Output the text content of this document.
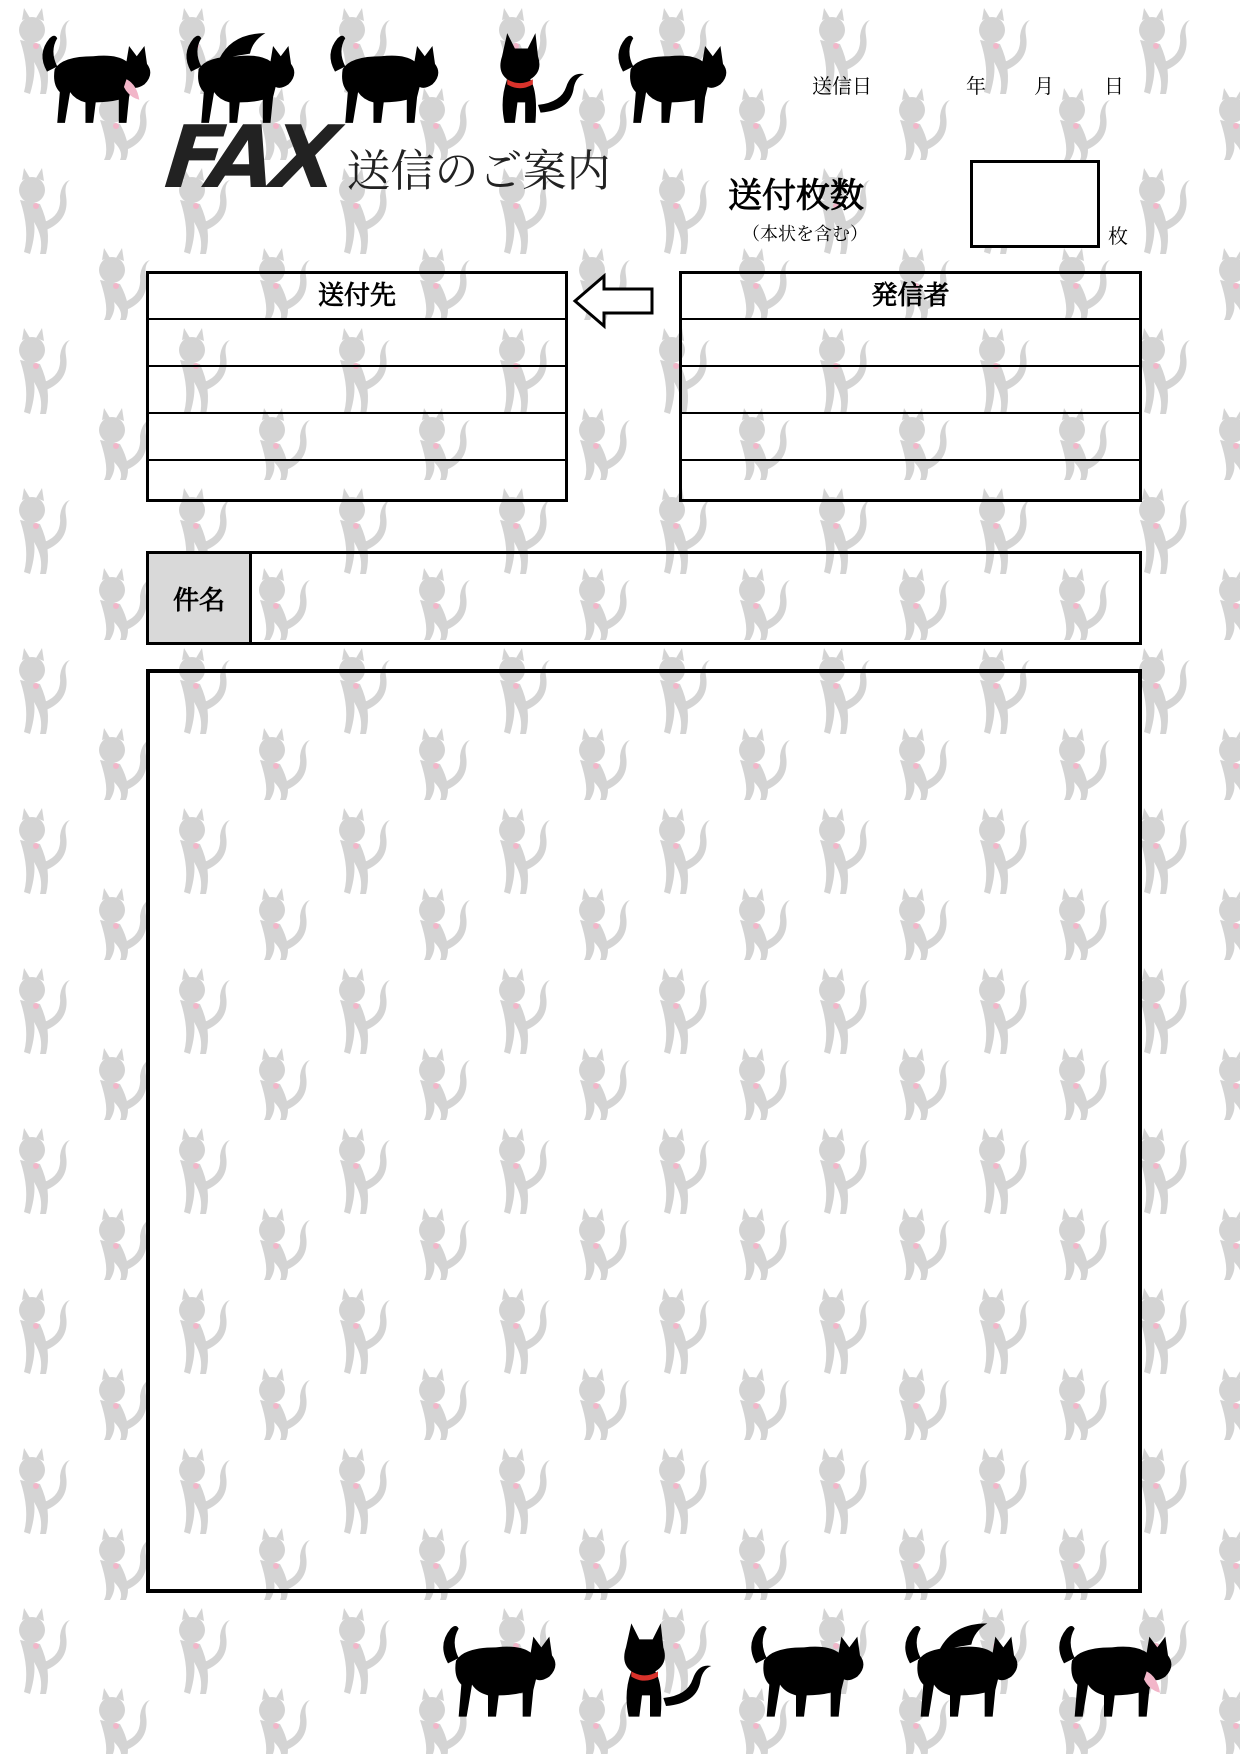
FAX 送信のご案内
送信日	年 月	日
送付枚数
（本状を含む）	枚
送付先	発信者
件名
